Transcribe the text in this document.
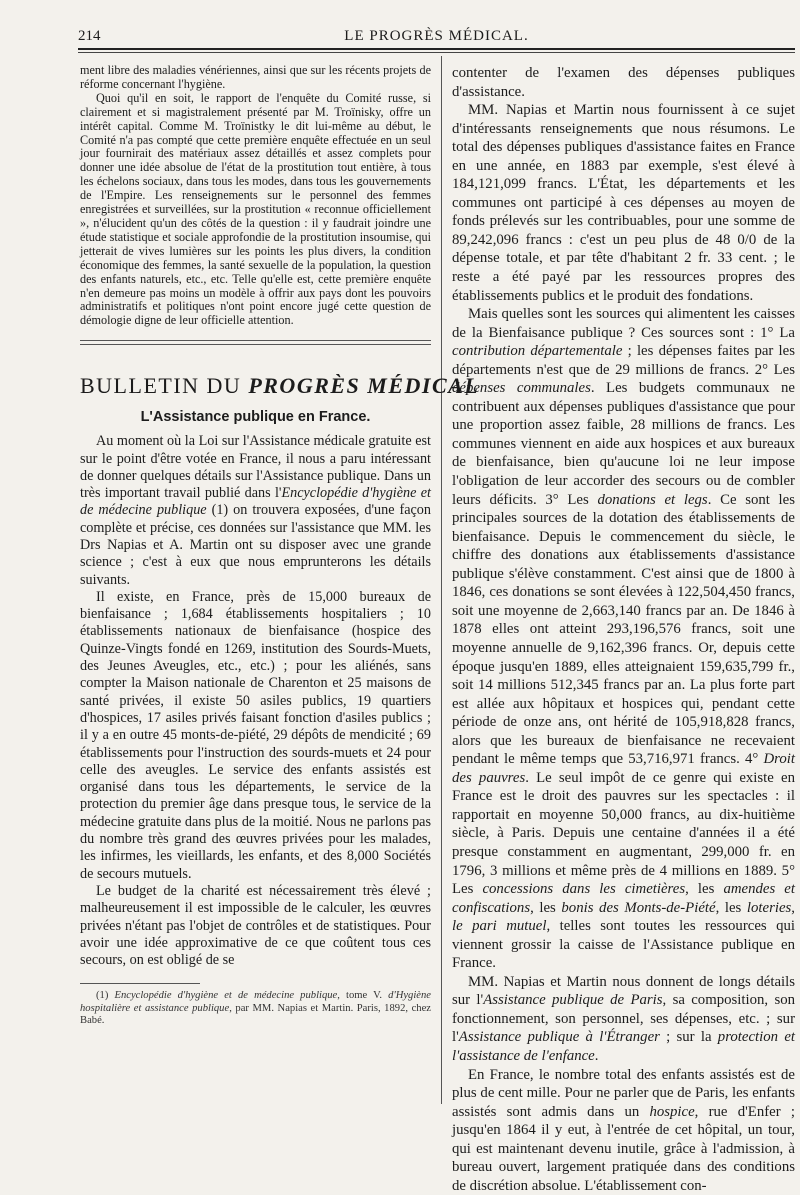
214	LE PROGRÈS MÉDICAL.

ment libre des maladies vénériennes, ainsi que sur les récents projets de réforme concernant l'hygiène.

Quoi qu'il en soit, le rapport de l'enquête du Comité russe, si clairement et si magistralement présenté par M. Troïnisky, offre un intérêt capital. Comme M. Troïnistky le dit lui-même au début, le Comité n'a pas compté que cette première enquête effectuée en un seul jour fournirait des matériaux assez détaillés et assez complets pour donner une idée absolue de l'état de la prostitution tout entière, à tous les échelons sociaux, dans tous les modes, dans tous les gouvernements de l'Empire. Les renseignements sur le personnel des femmes enregistrées et surveillées, sur la prostitution « reconnue officiellement », n'élucident qu'un des côtés de la question : il y faudrait joindre une étude statistique et sociale approfondie de la prostitution insoumise, qui jetterait de vives lumières sur les points les plus divers, la condition économique des femmes, la santé sexuelle de la population, la question des enfants naturels, etc., etc. Telle qu'elle est, cette première enquête n'en demeure pas moins un modèle à offrir aux pays dont les pouvoirs administratifs et politiques n'ont point encore jugé cette question de démologie digne de leur officielle attention.

BULLETIN DU PROGRÈS MÉDICAL
L'Assistance publique en France.

Au moment où la Loi sur l'Assistance médicale gratuite est sur le point d'être votée en France, il nous a paru intéressant de donner quelques détails sur l'Assistance publique. Dans un très important travail publié dans l'Encyclopédie d'hygiène et de médecine publique (1) on trouvera exposées, d'une façon complète et précise, ces données sur l'assistance que MM. les Drs Napias et A. Martin ont su disposer avec une grande science ; c'est à eux que nous emprunterons les détails suivants.

Il existe, en France, près de 15,000 bureaux de bienfaisance ; 1,684 établissements hospitaliers ; 10 établissements nationaux de bienfaisance (hospice des Quinze-Vingts fondé en 1269, institution des Sourds-Muets, des Jeunes Aveugles, etc., etc.) ; pour les aliénés, sans compter la Maison nationale de Charenton et 25 maisons de santé privées, il existe 50 asiles publics, 19 quartiers d'hospices, 17 asiles privés faisant fonction d'asiles publics ; il y a en outre 45 monts-de-piété, 29 dépôts de mendicité ; 69 établissements pour l'instruction des sourds-muets et 24 pour celle des aveugles. Le service des enfants assistés est organisé dans tous les départements, le service de la protection du premier âge dans presque tous, le service de la médecine gratuite dans plus de la moitié. Nous ne parlons pas du nombre très grand des œuvres privées pour les malades, les infirmes, les vieillards, les enfants, et des 8,000 Sociétés de secours mutuels.

Le budget de la charité est nécessairement très élevé ; malheureusement il est impossible de le calculer, les œuvres privées n'étant pas l'objet de contrôles et de statistiques. Pour avoir une idée approximative de ce que coûtent tous ces secours, on est obligé de se

(1) Encyclopédie d'hygiène et de médecine publique, tome V. d'Hygiène hospitalière et assistance publique, par MM. Napias et Martin. Paris, 1892, chez Babé.

contenter de l'examen des dépenses publiques d'assistance.

MM. Napias et Martin nous fournissent à ce sujet d'intéressants renseignements que nous résumons. Le total des dépenses publiques d'assistance faites en France en une année, en 1883 par exemple, s'est élevé à 184,121,099 francs. L'État, les départements et les communes ont participé à ces dépenses au moyen de fonds prélevés sur les contribuables, pour une somme de 89,242,096 francs : c'est un peu plus de 48 0/0 de la dépense totale, et par tête d'habitant 2 fr. 33 cent. ; le reste a été payé par les ressources propres des établissements publics et le produit des fondations.

Mais quelles sont les sources qui alimentent les caisses de la Bienfaisance publique ? Ces sources sont : 1° La contribution départementale ; les dépenses faites par les départements n'est que de 29 millions de francs. 2° Les dépenses communales. Les budgets communaux ne contribuent aux dépenses publiques d'assistance que pour une proportion assez faible, 28 millions de francs. Les communes viennent en aide aux hospices et aux bureaux de bienfaisance, bien qu'aucune loi ne leur impose l'obligation de leur accorder des secours ou de combler leurs déficits. 3° Les donations et legs. Ce sont les principales sources de la dotation des établissements de bienfaisance. Depuis le commencement du siècle, le chiffre des donations aux établissements d'assistance publique s'élève constamment. C'est ainsi que de 1800 à 1846, ces donations se sont élevées à 122,504,450 francs, soit une moyenne de 2,663,140 francs par an. De 1846 à 1878 elles ont atteint 293,196,576 francs, soit une moyenne annuelle de 9,162,396 francs. Or, depuis cette époque jusqu'en 1889, elles atteignaient 159,635,799 fr., soit 14 millions 512,345 francs par an. La plus forte part est allée aux hôpitaux et hospices qui, pendant cette période de onze ans, ont hérité de 105,918,828 francs, alors que les bureaux de bienfaisance ne recevaient pendant le même temps que 53,716,971 francs. 4° Droit des pauvres. Le seul impôt de ce genre qui existe en France est le droit des pauvres sur les spectacles : il rapportait en moyenne 50,000 francs, au dix-huitième siècle, à Paris. Depuis une centaine d'années il a été presque constamment en augmentant, 299,000 fr. en 1796, 3 millions et même près de 4 millions en 1889. 5° Les concessions dans les cimetières, les amendes et confiscations, les bonis des Monts-de-Piété, les loteries, le pari mutuel, telles sont toutes les ressources qui viennent grossir la caisse de l'Assistance publique en France.

MM. Napias et Martin nous donnent de longs détails sur l'Assistance publique de Paris, sa composition, son fonctionnement, son personnel, ses dépenses, etc. ; sur l'Assistance publique à l'Étranger ; sur la protection et l'assistance de l'enfance.

En France, le nombre total des enfants assistés est de plus de cent mille. Pour ne parler que de Paris, les enfants assistés sont admis dans un hospice, rue d'Enfer ; jusqu'en 1864 il y eut, à l'entrée de cet hôpital, un tour, qui est maintenant devenu inutile, grâce à l'admission, à bureau ouvert, largement pratiquée dans des conditions de discrétion absolue. L'établissement con-
